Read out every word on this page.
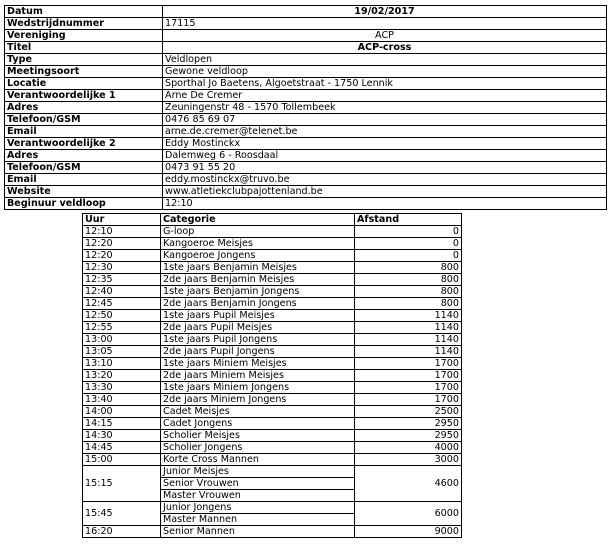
Datum	19/02/2017
Wedstrijdnummer	17115
Vereniging	ACP
Titel	ACP-cross
Type	Veldlopen
Meetingsoort	Gewone veldloop
Locatie	Sporthal Jo Baetens, Algoetstraat - 1750 Lennik
Verantwoordelijke 1	Arne De Cremer
Adres	Zeuningenstr 48 - 1570 Tollembeek
Telefoon/GSM	0476 85 69 07
Email	arne.de.cremer@telenet.be
Verantwoordelijke 2	Eddy Mostinckx
Adres	Dalemweg 6 - Roosdaal
Telefoon/GSM	0473 91 55 20
Email	eddy.mostinckx@truvo.be
Website	www.atletiekclubpajottenland.be
Beginuur veldloop	12:10
Uur	Categorie	Afstand
12:10	G-loop	0
12:20	Kangoeroe Meisjes	0
12:20	Kangoeroe Jongens	0
12:30	1ste jaars Benjamin Meisjes	800
12:35	2de jaars Benjamin Meisjes	800
12:40	1ste jaars Benjamin Jongens	800
12:45	2de jaars Benjamin Jongens	800
12:50	1ste jaars Pupil Meisjes	1140
12:55	2de jaars Pupil Meisjes	1140
13:00	1ste jaars Pupil Jongens	1140
13:05	2de jaars Pupil Jongens	1140
13:10	1ste jaars Miniem Meisjes	1700
13:20	2de jaars Miniem Meisjes	1700
13:30	1ste jaars Miniem Jongens	1700
13:40	2de jaars Miniem Jongens	1700
14:00	Cadet Meisjes	2500
14:15	Cadet Jongens	2950
14:30	Scholier Meisjes	2950
14:45	Scholier Jongens	4000
15:00	Korte Cross Mannen	3000
15:15	Junior Meisjes	4600
	Senior Vrouwen	
	Master Vrouwen	
15:45	Junior Jongens	6000
	Master Mannen	
16:20	Senior Mannen	9000
